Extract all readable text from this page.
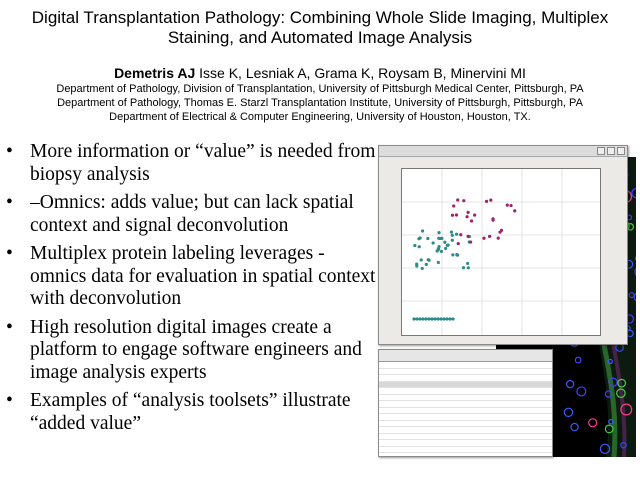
Digital Transplantation Pathology: Combining Whole Slide Imaging, Multiplex Staining, and Automated Image Analysis
Demetris AJ Isse K, Lesniak A, Grama K, Roysam B, Minervini MI
Department of Pathology, Division of Transplantation, University of Pittsburgh Medical Center, Pittsburgh, PA
Department of Pathology, Thomas E. Starzl Transplantation Institute, University of Pittsburgh, Pittsburgh, PA
Department of Electrical & Computer Engineering, University of Houston, Houston, TX.
• More information or “value” is needed from biopsy analysis
• –Omnics: adds value; but can lack spatial context and signal deconvolution
• Multiplex protein labeling leverages -omnics data for evaluation in spatial context with deconvolution
• High resolution digital images create a platform to engage software engineers and image analysis experts
• Examples of “analysis toolsets” illustrate “added value”
